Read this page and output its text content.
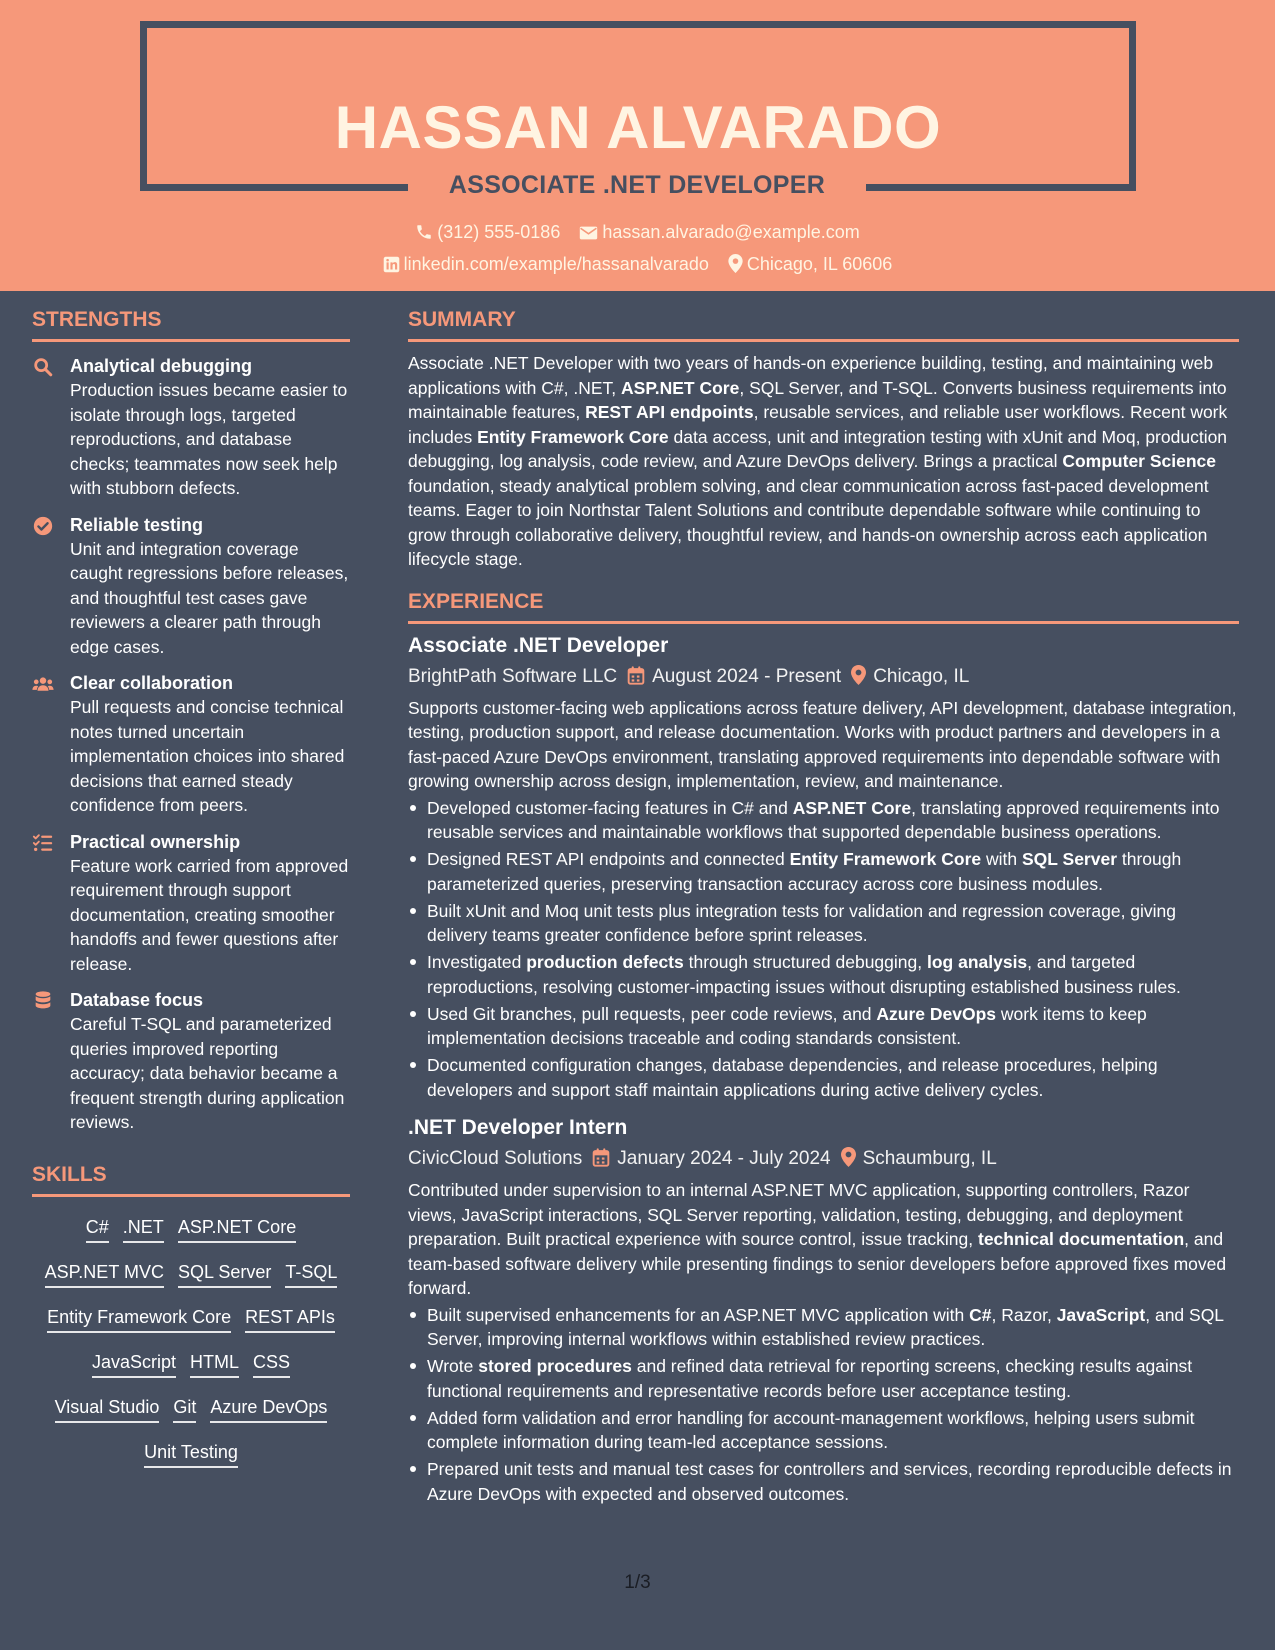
HASSAN ALVARADO
ASSOCIATE .NET DEVELOPER
(312) 555-0186 hassan.alvarado@example.com
linkedin.com/example/hassanalvarado Chicago, IL 60606
STRENGTHS
Analytical debugging

Production issues became easier to isolate through logs, targeted reproductions, and database checks; teammates now seek help with stubborn defects.

Reliable testing

Unit and integration coverage caught regressions before releases, and thoughtful test cases gave reviewers a clearer path through edge cases.

Clear collaboration

Pull requests and concise technical notes turned uncertain implementation choices into shared decisions that earned steady confidence from peers.

Practical ownership

Feature work carried from approved requirement through support documentation, creating smoother handoffs and fewer questions after release.

Database focus

Careful T-SQL and parameterized queries improved reporting accuracy; data behavior became a frequent strength during application reviews.

SKILLS
C# .NET ASP.NET Core
ASP.NET MVC SQL Server T-SQL
Entity Framework Core REST APIs
JavaScript HTML CSS
Visual Studio Git Azure DevOps
Unit Testing
SUMMARY
Associate .NET Developer with two years of hands-on experience building, testing, and maintaining web applications with C#, .NET, ASP.NET Core, SQL Server, and T-SQL. Converts business requirements into maintainable features, REST API endpoints, reusable services, and reliable user workflows. Recent work includes Entity Framework Core data access, unit and integration testing with xUnit and Moq, production debugging, log analysis, code review, and Azure DevOps delivery. Brings a practical Computer Science foundation, steady analytical problem solving, and clear communication across fast-paced development teams. Eager to join Northstar Talent Solutions and contribute dependable software while continuing to grow through collaborative delivery, thoughtful review, and hands-on ownership across each application lifecycle stage.
EXPERIENCE
Associate .NET Developer
BrightPath Software LLC August 2024 - Present Chicago, IL
Supports customer-facing web applications across feature delivery, API development, database integration, testing, production support, and release documentation. Works with product partners and developers in a fast-paced Azure DevOps environment, translating approved requirements into dependable software with growing ownership across design, implementation, review, and maintenance.
Developed customer-facing features in C# and ASP.NET Core, translating approved requirements into reusable services and maintainable workflows that supported dependable business operations.
Designed REST API endpoints and connected Entity Framework Core with SQL Server through parameterized queries, preserving transaction accuracy across core business modules.
Built xUnit and Moq unit tests plus integration tests for validation and regression coverage, giving delivery teams greater confidence before sprint releases.
Investigated production defects through structured debugging, log analysis, and targeted reproductions, resolving customer-impacting issues without disrupting established business rules.
Used Git branches, pull requests, peer code reviews, and Azure DevOps work items to keep implementation decisions traceable and coding standards consistent.
Documented configuration changes, database dependencies, and release procedures, helping developers and support staff maintain applications during active delivery cycles.
.NET Developer Intern
CivicCloud Solutions January 2024 - July 2024 Schaumburg, IL
Contributed under supervision to an internal ASP.NET MVC application, supporting controllers, Razor views, JavaScript interactions, SQL Server reporting, validation, testing, debugging, and deployment preparation. Built practical experience with source control, issue tracking, technical documentation, and team-based software delivery while presenting findings to senior developers before approved fixes moved forward.
Built supervised enhancements for an ASP.NET MVC application with C#, Razor, JavaScript, and SQL Server, improving internal workflows within established review practices.
Wrote stored procedures and refined data retrieval for reporting screens, checking results against functional requirements and representative records before user acceptance testing.
Added form validation and error handling for account-management workflows, helping users submit complete information during team-led acceptance sessions.
Prepared unit tests and manual test cases for controllers and services, recording reproducible defects in Azure DevOps with expected and observed outcomes.
1/3
